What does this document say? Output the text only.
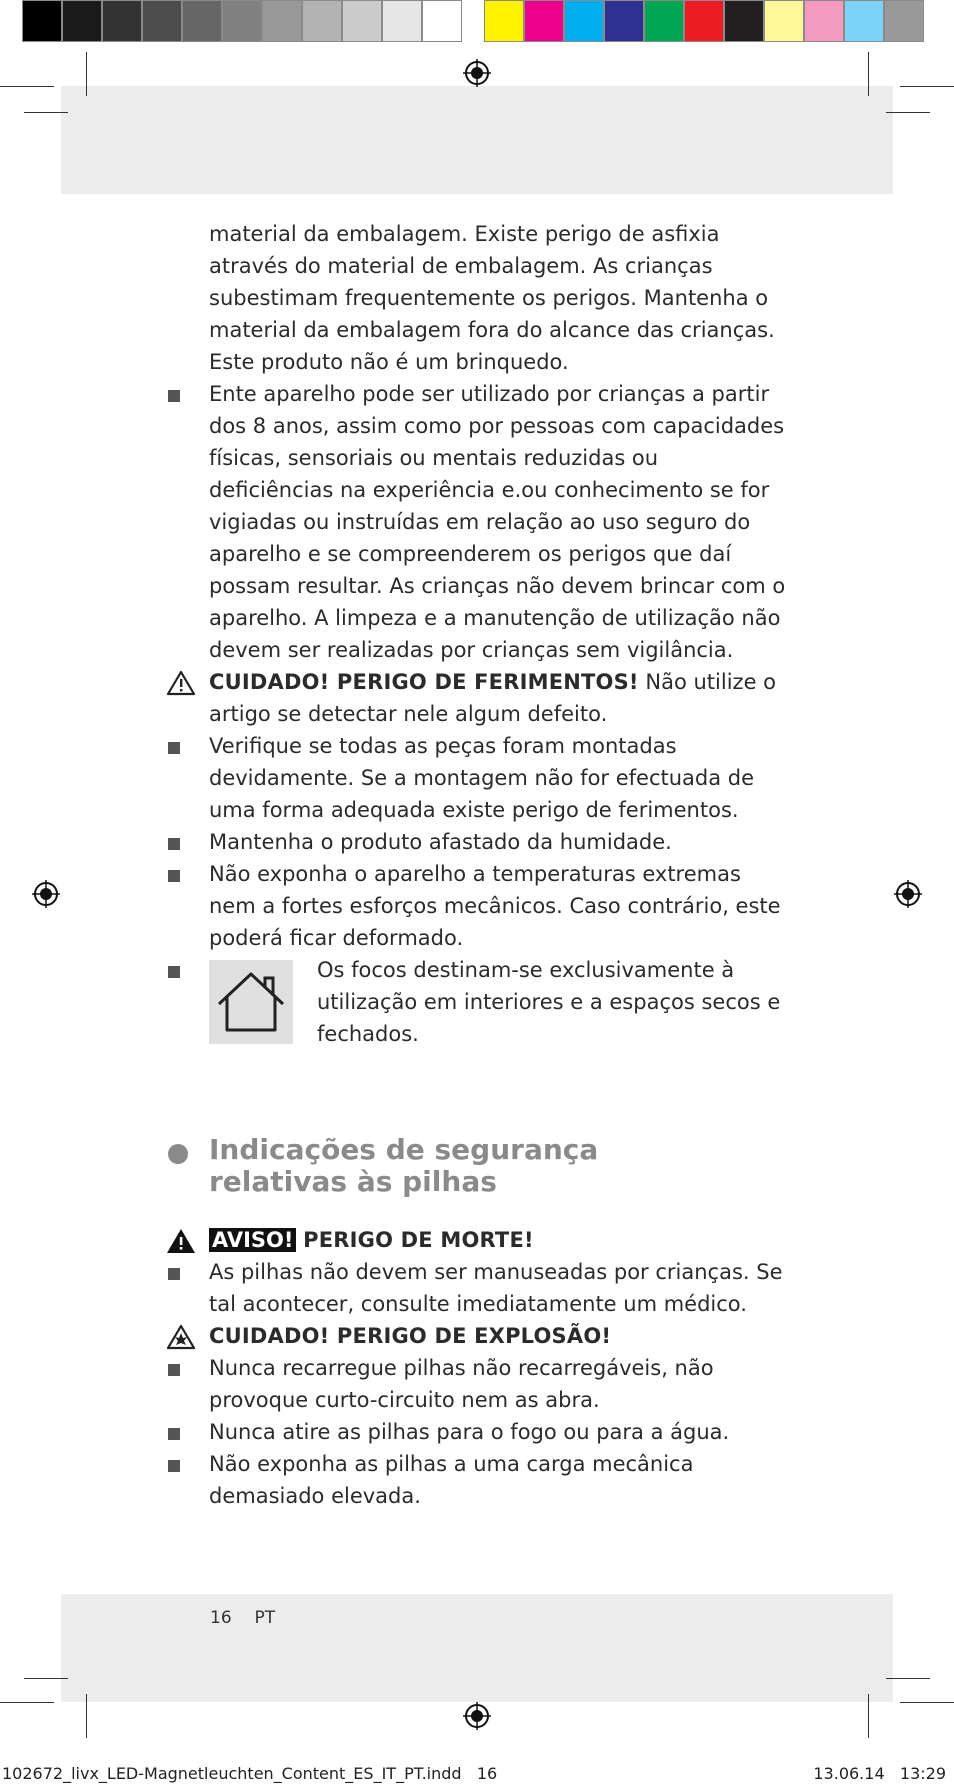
material da embalagem. Existe perigo de asfixia através do material de embalagem. As crianças subestimam frequentemente os perigos. Mantenha o material da embalagem fora do alcance das crianças. Este produto não é um brinquedo.

Ente aparelho pode ser utilizado por crianças a partir dos 8 anos, assim como por pessoas com capacidades físicas, sensoriais ou mentais reduzidas ou deficiências na experiência e.ou conhecimento se for vigiadas ou instruídas em relação ao uso seguro do aparelho e se compreenderem os perigos que daí possam resultar. As crianças não devem brincar com o aparelho. A limpeza e a manutenção de utilização não devem ser realizadas por crianças sem vigilância.

CUIDADO! PERIGO DE FERIMENTOS! Não utilize o artigo se detectar nele algum defeito.

Verifique se todas as peças foram montadas devidamente. Se a montagem não for efectuada de uma forma adequada existe perigo de ferimentos.

Mantenha o produto afastado da humidade.

Não exponha o aparelho a temperaturas extremas nem a fortes esforços mecânicos. Caso contrário, este poderá ficar deformado.

Os focos destinam-se exclusivamente à utilização em interiores e a espaços secos e fechados.
Indicações de segurança
relativas às pilhas

AVISO! PERIGO DE MORTE!

As pilhas não devem ser manuseadas por crianças. Se tal acontecer, consulte imediatamente um médico.

CUIDADO! PERIGO DE EXPLOSÃO!

Nunca recarregue pilhas não recarregáveis, não provoque curto-circuito nem as abra.

Nunca atire as pilhas para o fogo ou para a água.

Não exponha as pilhas a uma carga mecânica demasiado elevada.

16 PT
102672_livx_LED-Magnetleuchten_Content_ES_IT_PT.indd   16	13.06.14   13:29
